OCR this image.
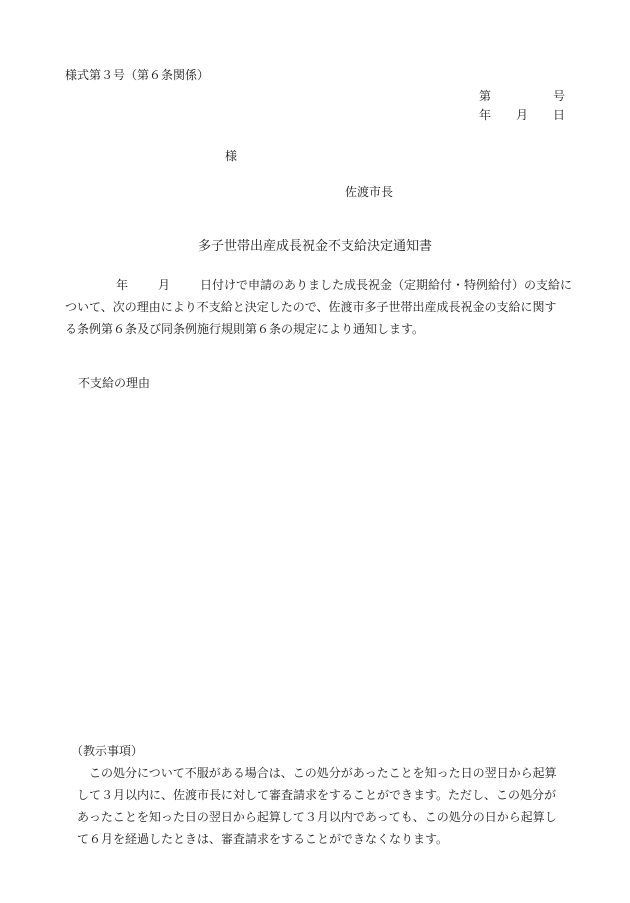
様式第３号（第６条関係）
第	号
年 月 日
様
佐渡市長
多子世帯出産成長祝金不支給決定通知書

年	月	日付けで申請のありました成長祝金（定期給付・特例給付）の支給に

ついて、次の理由により不支給と決定したので、佐渡市多子世帯出産成長祝金の支給に関す

る条例第６条及び同条例施行規則第６条の規定により通知します。

不支給の理由

（教示事項）

この処分について不服がある場合は、この処分があったことを知った日の翌日から起算

して３月以内に、佐渡市長に対して審査請求をすることができます。ただし、この処分が

あったことを知った日の翌日から起算して３月以内であっても、この処分の日から起算し

て６月を経過したときは、審査請求をすることができなくなります。
